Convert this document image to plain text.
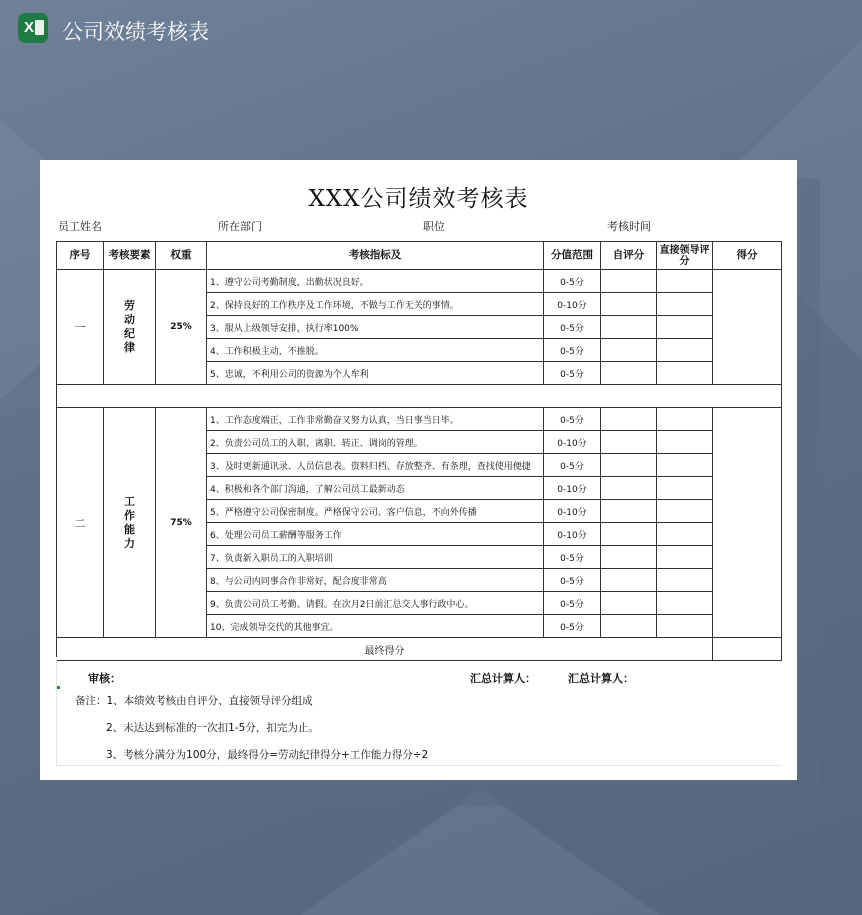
X	公司效绩考核表
XXX公司绩效考核表
员工姓名	所在部门	职位	考核时间
序号	考核要素	权重	考核指标及	分值范围	自评分	直接领导评分	得分
一	劳动纪律	25%	1、遵守公司考勤制度，出勤状况良好。	0-5分			
			2、保持良好的工作秩序及工作环境，不做与工作无关的事情。	0-10分			
			3、服从上级领导安排，执行率100%	0-5分			
			4、工作积极主动，不推脱。	0-5分			
			5、忠诚，不利用公司的资源为个人牟利	0-5分			

二	工作能力	75%	1、工作态度端正，工作非常勤奋又努力认真，当日事当日毕。	0-5分			
			2、负责公司员工的入职、离职、转正、调岗的管理。	0-10分			
			3、及时更新通讯录、人员信息表。资料归档、存放整齐、有条理，查找使用便捷	0-5分			
			4、积极和各个部门沟通，了解公司员工最新动态	0-10分			
			5、严格遵守公司保密制度。严格保守公司、客户信息，不向外传播	0-10分			
			6、处理公司员工薪酬等服务工作	0-10分			
			7、负责新入职员工的入职培训	0-5分			
			8、与公司内同事合作非常好，配合度非常高	0-5分			
			9、负责公司员工考勤、请假。在次月2日前汇总交人事行政中心。	0-5分			
			10、完成领导交代的其他事宜。	0-5分			
最终得分							
审核：	汇总计算人：	汇总计算人：
备注：1、本绩效考核由自评分、直接领导评分组成
2、未达达到标准的一次扣1-5分，扣完为止。
3、考核分满分为100分，最终得分=劳动纪律得分+工作能力得分÷2
